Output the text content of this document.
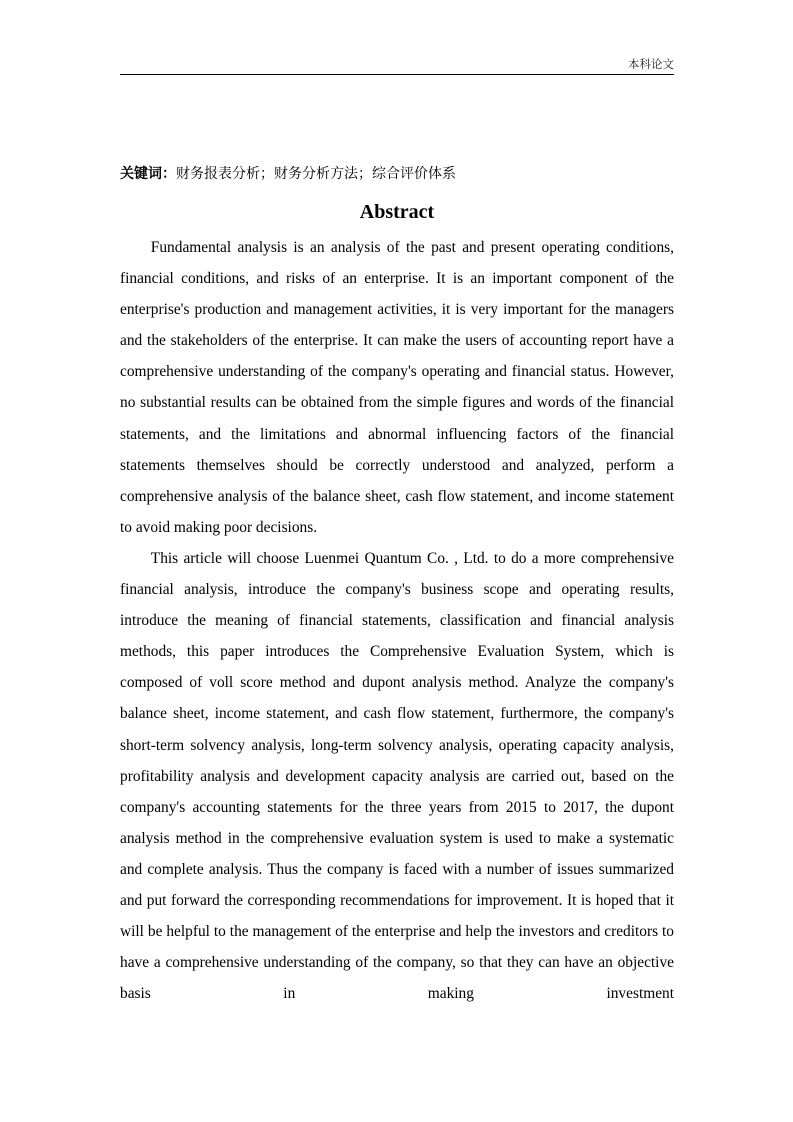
本科论文
关键词：财务报表分析；财务分析方法；综合评价体系
Abstract

Fundamental analysis is an analysis of the past and present operating conditions, financial conditions, and risks of an enterprise. It is an important component of the enterprise's production and management activities, it is very important for the managers and the stakeholders of the enterprise. It can make the users of accounting report have a comprehensive understanding of the company's operating and financial status. However, no substantial results can be obtained from the simple figures and words of the financial statements, and the limitations and abnormal influencing factors of the financial statements themselves should be correctly understood and analyzed, perform a comprehensive analysis of the balance sheet, cash flow statement, and income statement to avoid making poor decisions.

This article will choose Luenmei Quantum Co. , Ltd. to do a more comprehensive financial analysis, introduce the company's business scope and operating results, introduce the meaning of financial statements, classification and financial analysis methods, this paper introduces the Comprehensive Evaluation System, which is composed of voll score method and dupont analysis method. Analyze the company's balance sheet, income statement, and cash flow statement, furthermore, the company's short-term solvency analysis, long-term solvency analysis, operating capacity analysis, profitability analysis and development capacity analysis are carried out, based on the company's accounting statements for the three years from 2015 to 2017, the dupont analysis method in the comprehensive evaluation system is used to make a systematic and complete analysis. Thus the company is faced with a number of issues summarized and put forward the corresponding recommendations for improvement. It is hoped that it will be helpful to the management of the enterprise and help the investors and creditors to have a comprehensive understanding of the company, so that they can have an objective basis in making investment
